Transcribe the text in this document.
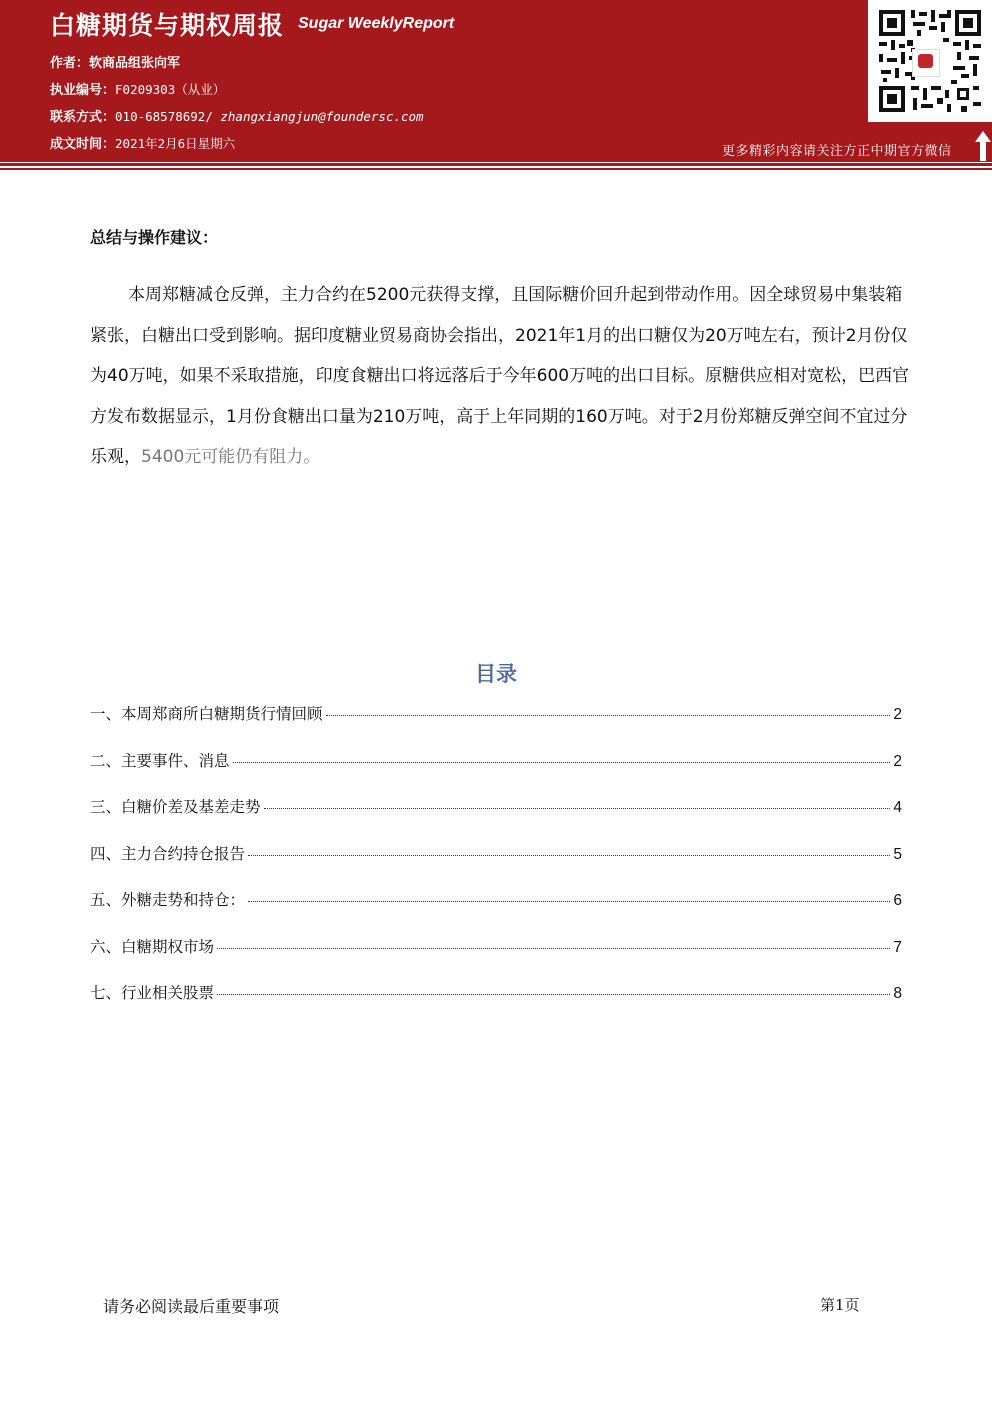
白糖期货与期权周报 Sugar WeeklyReport
作者：软商品组张向军
执业编号：F0209303（从业）
联系方式：010-68578692/ zhangxiangjun@foundersc.com
成文时间：2021年2月6日星期六
更多精彩内容请关注方正中期官方微信
总结与操作建议：
本周郑糖减仓反弹，主力合约在5200元获得支撑，且国际糖价回升起到带动作用。因全球贸易中集装箱紧张，白糖出口受到影响。据印度糖业贸易商协会指出，2021年1月的出口糖仅为20万吨左右，预计2月份仅为40万吨，如果不采取措施，印度食糖出口将远落后于今年600万吨的出口目标。原糖供应相对宽松，巴西官方发布数据显示，1月份食糖出口量为210万吨，高于上年同期的160万吨。对于2月份郑糖反弹空间不宜过分乐观，5400元可能仍有阻力。
目录
一、本周郑商所白糖期货行情回顾	2
二、主要事件、消息	2
三、白糖价差及基差走势	4
四、主力合约持仓报告	5
五、外糖走势和持仓：	6
六、白糖期权市场	7
七、行业相关股票	8
请务必阅读最后重要事项	第1页
